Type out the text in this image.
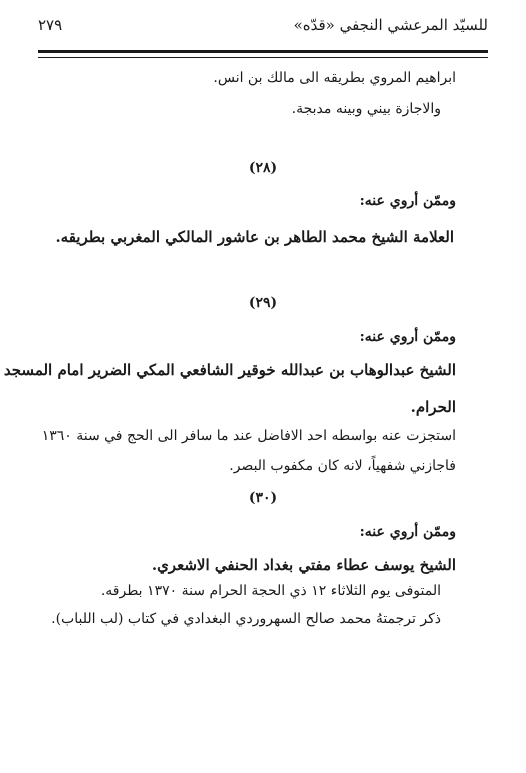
للسيّد المرعشي النجفي «قدّه»
٢٧٩
ابراهيم المروي بطريقه الى مالك بن انس.
والاجازة بيني وبينه مدبجة.
(٢٨)
وممّن أروي عنه:
العلامة الشيخ محمد الطاهر بن عاشور المالكي المغربي بطريقه.
(٢٩)
وممّن أروي عنه:
الشيخ عبدالوهاب بن عبدالله خوقير الشافعي المكي الضرير امام المسجد
الحرام.
استجزت عنه بواسطه احد الافاضل عند ما سافر الى الحج في سنة ١٣٦٠
فاجازني شفهياً، لانه كان مكفوب البصر.
(٣٠)
وممّن أروي عنه:
الشيخ يوسف عطاء مفتي بغداد الحنفي الاشعري.
المتوفى يوم الثلاثاء ١٢ ذي الحجة الحرام سنة ١٣٧٠ بطرقه.
ذكر ترجمتهُ محمد صالح السهروردي البغدادي في كتاب (لب اللباب).
